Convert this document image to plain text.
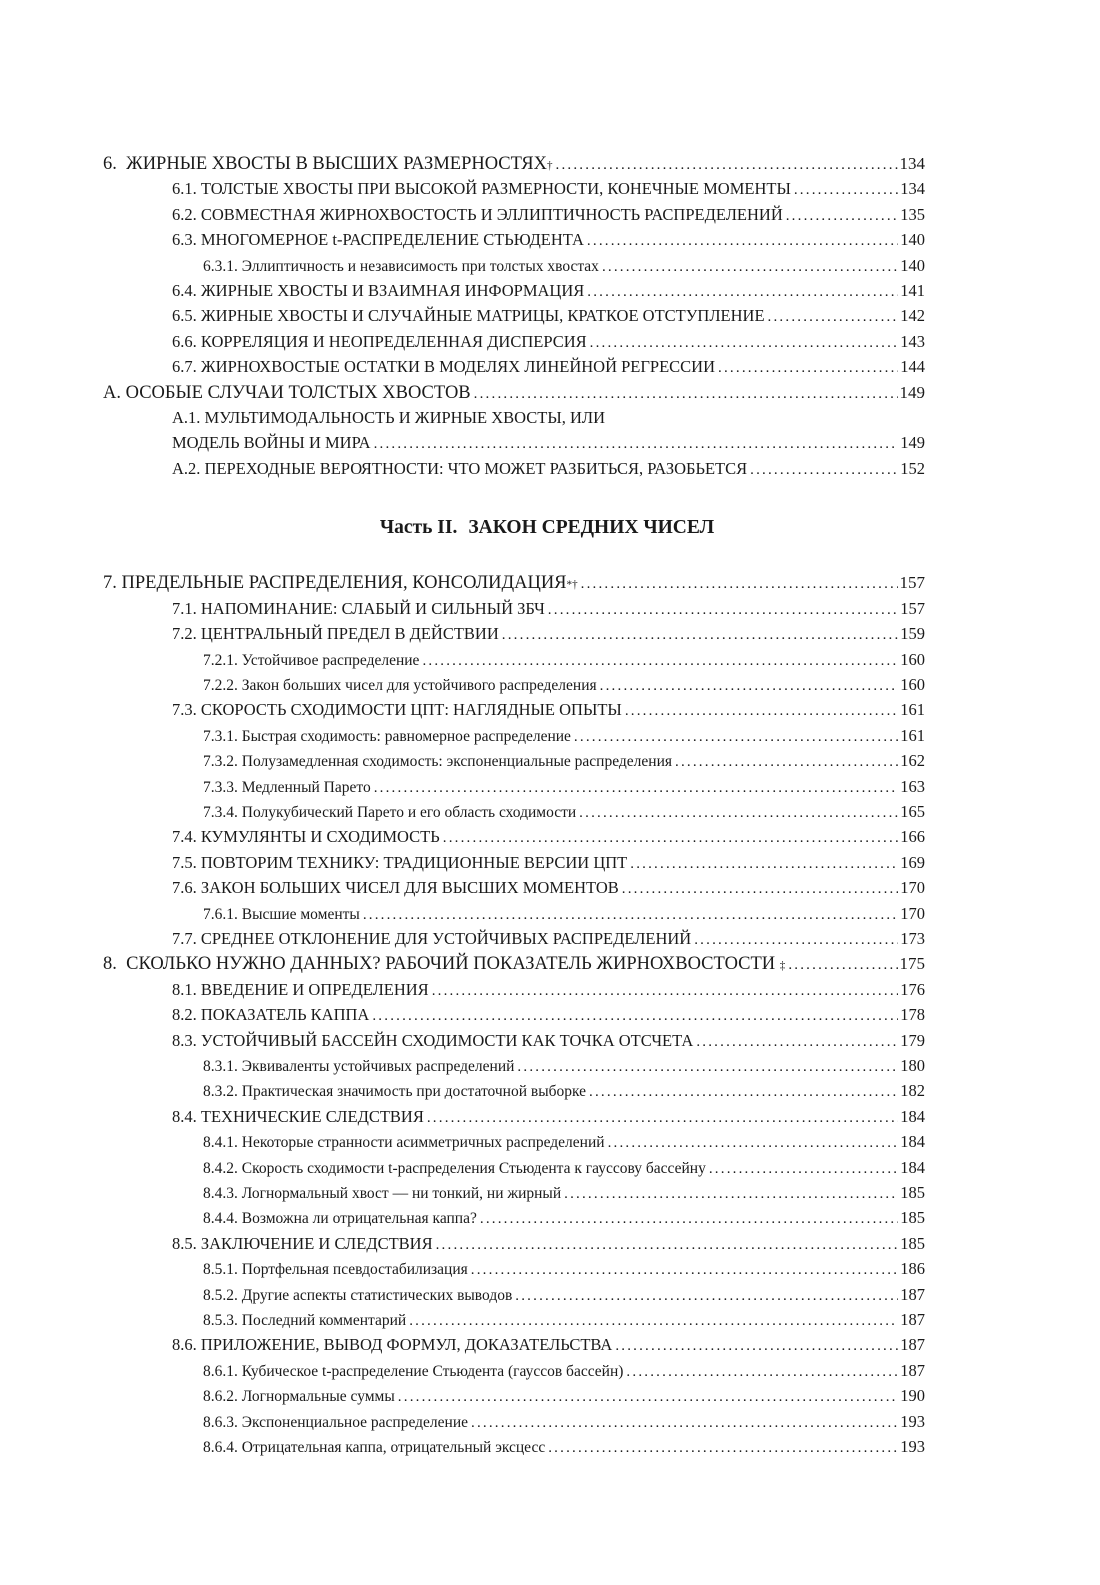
6.  ЖИРНЫЕ ХВОСТЫ В ВЫСШИХ РАЗМЕРНОСТЯХ † .....	134
6.1. ТОЛСТЫЕ ХВОСТЫ ПРИ ВЫСОКОЙ РАЗМЕРНОСТИ, КОНЕЧНЫЕ МОМЕНТЫ .....	134
6.2. СОВМЕСТНАЯ ЖИРНОХВОСТОСТЬ И ЭЛЛИПТИЧНОСТЬ РАСПРЕДЕЛЕНИЙ .....	135
6.3. МНОГОМЕРНОЕ t-РАСПРЕДЕЛЕНИЕ СТЬЮДЕНТА .....	140
6.3.1. Эллиптичность и независимость при толстых хвостах .....	140
6.4. ЖИРНЫЕ ХВОСТЫ И ВЗАИМНАЯ ИНФОРМАЦИЯ .....	141
6.5. ЖИРНЫЕ ХВОСТЫ И СЛУЧАЙНЫЕ МАТРИЦЫ, КРАТКОЕ ОТСТУПЛЕНИЕ .....	142
6.6. КОРРЕЛЯЦИЯ И НЕОПРЕДЕЛЕННАЯ ДИСПЕРСИЯ .....	143
6.7. ЖИРНОХВОСТЫЕ ОСТАТКИ В МОДЕЛЯХ ЛИНЕЙНОЙ РЕГРЕССИИ .....	144
А. ОСОБЫЕ СЛУЧАИ ТОЛСТЫХ ХВОСТОВ .....	149
А.1. МУЛЬТИМОДАЛЬНОСТЬ И ЖИРНЫЕ ХВОСТЫ, ИЛИ
МОДЕЛЬ ВОЙНЫ И МИРА .....	149
А.2. ПЕРЕХОДНЫЕ ВЕРОЯТНОСТИ: ЧТО МОЖЕТ РАЗБИТЬСЯ, РАЗОБЬЕТСЯ .....	152
Часть II. ЗАКОН СРЕДНИХ ЧИСЕЛ
7. ПРЕДЕЛЬНЫЕ РАСПРЕДЕЛЕНИЯ, КОНСОЛИДАЦИЯ *† .....	157
7.1. НАПОМИНАНИЕ: СЛАБЫЙ И СИЛЬНЫЙ ЗБЧ .....	157
7.2. ЦЕНТРАЛЬНЫЙ ПРЕДЕЛ В ДЕЙСТВИИ .....	159
7.2.1. Устойчивое распределение .....	160
7.2.2. Закон больших чисел для устойчивого распределения .....	160
7.3. СКОРОСТЬ СХОДИМОСТИ ЦПТ: НАГЛЯДНЫЕ ОПЫТЫ .....	161
7.3.1. Быстрая сходимость: равномерное распределение .....	161
7.3.2. Полузамедленная сходимость: экспоненциальные распределения .....	162
7.3.3. Медленный Парето .....	163
7.3.4. Полукубический Парето и его область сходимости .....	165
7.4. КУМУЛЯНТЫ И СХОДИМОСТЬ .....	166
7.5. ПОВТОРИМ ТЕХНИКУ: ТРАДИЦИОННЫЕ ВЕРСИИ ЦПТ .....	169
7.6. ЗАКОН БОЛЬШИХ ЧИСЕЛ ДЛЯ ВЫСШИХ МОМЕНТОВ .....	170
7.6.1. Высшие моменты .....	170
7.7. СРЕДНЕЕ ОТКЛОНЕНИЕ ДЛЯ УСТОЙЧИВЫХ РАСПРЕДЕЛЕНИЙ .....	173
8.  СКОЛЬКО НУЖНО ДАННЫХ? РАБОЧИЙ ПОКАЗАТЕЛЬ ЖИРНОХВОСТОСТИ ‡ .....	175
8.1. ВВЕДЕНИЕ И ОПРЕДЕЛЕНИЯ .....	176
8.2. ПОКАЗАТЕЛЬ КАППА .....	178
8.3. УСТОЙЧИВЫЙ БАССЕЙН СХОДИМОСТИ КАК ТОЧКА ОТСЧЕТА .....	179
8.3.1. Эквиваленты устойчивых распределений .....	180
8.3.2. Практическая значимость при достаточной выборке .....	182
8.4. ТЕХНИЧЕСКИЕ СЛЕДСТВИЯ .....	184
8.4.1. Некоторые странности асимметричных распределений .....	184
8.4.2. Скорость сходимости t-распределения Стьюдента к гауссову бассейну .....	184
8.4.3. Логнормальный хвост — ни тонкий, ни жирный .....	185
8.4.4. Возможна ли отрицательная каппа? .....	185
8.5. ЗАКЛЮЧЕНИЕ И СЛЕДСТВИЯ .....	185
8.5.1. Портфельная псевдостабилизация .....	186
8.5.2. Другие аспекты статистических выводов .....	187
8.5.3. Последний комментарий .....	187
8.6. ПРИЛОЖЕНИЕ, ВЫВОД ФОРМУЛ, ДОКАЗАТЕЛЬСТВА .....	187
8.6.1. Кубическое t-распределение Стьюдента (гауссов бассейн) .....	187
8.6.2. Логнормальные суммы .....	190
8.6.3. Экспоненциальное распределение .....	193
8.6.4. Отрицательная каппа, отрицательный эксцесс .....	193
